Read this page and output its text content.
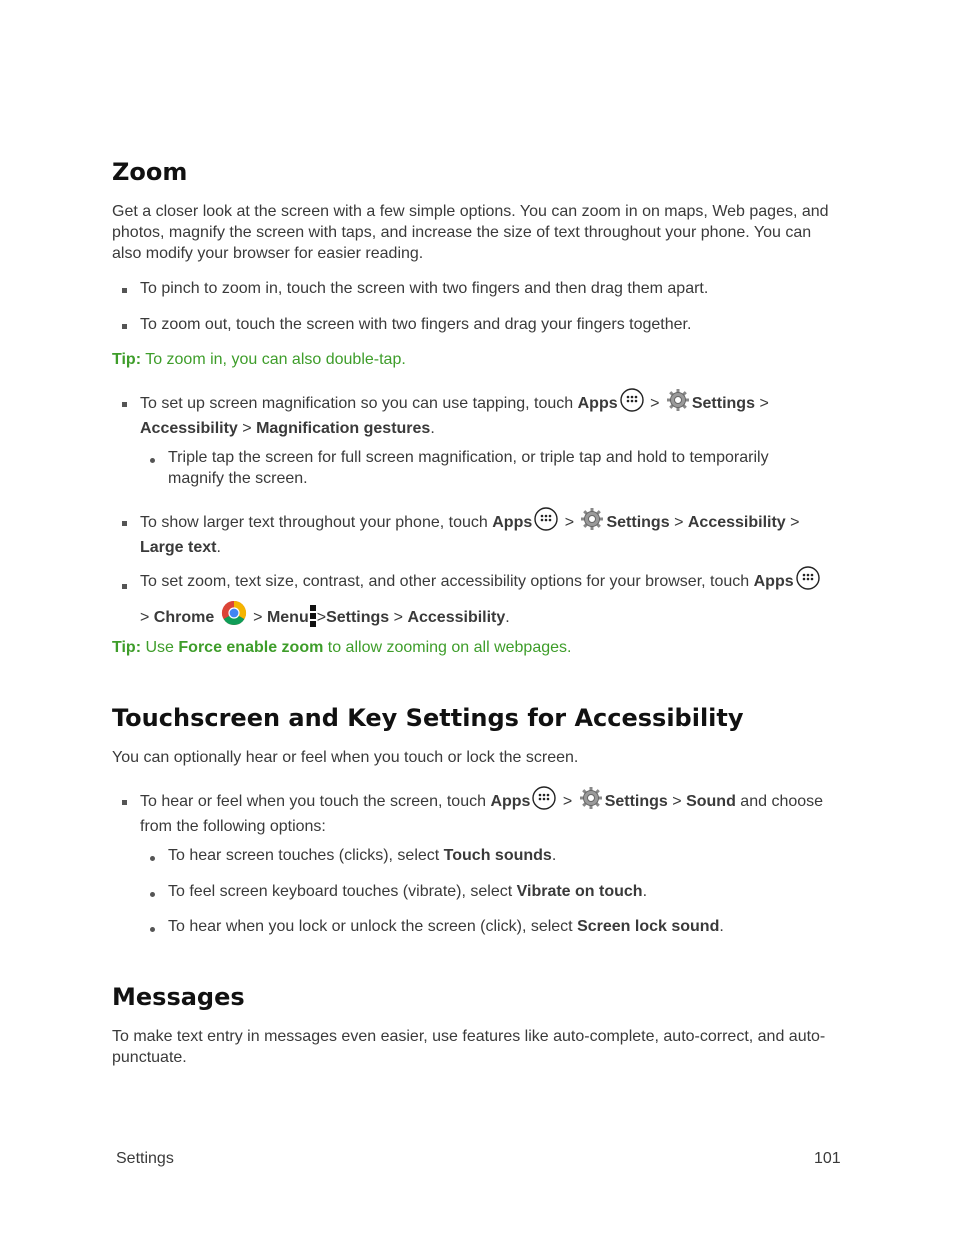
Zoom
Get a closer look at the screen with a few simple options. You can zoom in on maps, Web pages, and photos, magnify the screen with taps, and increase the size of text throughout your phone. You can also modify your browser for easier reading.
To pinch to zoom in, touch the screen with two fingers and then drag them apart.
To zoom out, touch the screen with two fingers and drag your fingers together.
Tip: To zoom in, you can also double-tap.
To set up screen magnification so you can use tapping, touch Apps > Settings >
Accessibility > Magnification gestures.
Triple tap the screen for full screen magnification, or triple tap and hold to temporarily magnify the screen.
To show larger text throughout your phone, touch Apps > Settings > Accessibility >
Large text.
To set zoom, text size, contrast, and other accessibility options for your browser, touch Apps
> Chrome > Menu >Settings > Accessibility.
Tip: Use Force enable zoom to allow zooming on all webpages.
Touchscreen and Key Settings for Accessibility
You can optionally hear or feel when you touch or lock the screen.
To hear or feel when you touch the screen, touch Apps > Settings > Sound and choose
from the following options:
To hear screen touches (clicks), select Touch sounds.
To feel screen keyboard touches (vibrate), select Vibrate on touch.
To hear when you lock or unlock the screen (click), select Screen lock sound.
Messages
To make text entry in messages even easier, use features like auto-complete, auto-correct, and auto-punctuate.
Settings	101
